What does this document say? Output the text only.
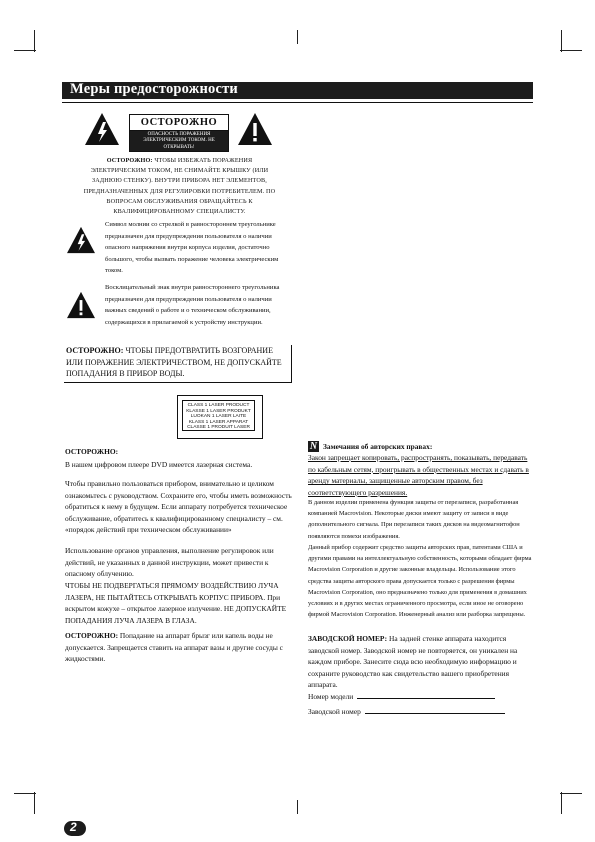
Меры предосторожности
ОСТОРОЖНО
ОПАСНОСТЬ ПОРАЖЕНИЯ ЭЛЕКТРИЧЕСКИМ ТОКОМ. НЕ ОТКРЫВАТЬ!
ОСТОРОЖНО: ЧТОБЫ ИЗБЕЖАТЬ ПОРАЖЕНИЯ ЭЛЕКТРИЧЕСКИМ ТОКОМ, НЕ СНИМАЙТЕ КРЫШКУ (ИЛИ ЗАДНЮЮ СТЕНКУ). ВНУТРИ ПРИБОРА НЕТ ЭЛЕМЕНТОВ, ПРЕДНАЗНАЧЕННЫХ ДЛЯ РЕГУЛИРОВКИ ПОТРЕБИТЕЛЕМ. ПО ВОПРОСАМ ОБСЛУЖИВАНИЯ ОБРАЩАЙТЕСЬ К КВАЛИФИЦИРОВАННОМУ СПЕЦИАЛИСТУ.
Символ молнии со стрелкой в равностороннем треугольнике предназначен для предупреждения пользователя о наличии опасного напряжения внутри корпуса изделия, достаточно большого, чтобы вызвать поражение человека электрическим током.
Восклицательный знак внутри равностороннего треугольника предназначен для предупреждения пользователя о наличии важных сведений о работе и о техническом обслуживании, содержащихся в прилагаемой к устройству инструкции.
ОСТОРОЖНО: ЧТОБЫ ПРЕДОТВРАТИТЬ ВОЗГОРАНИЕ ИЛИ ПОРАЖЕНИЕ ЭЛЕКТРИЧЕСТВОМ, НЕ ДОПУСКАЙТЕ ПОПАДАНИЯ В ПРИБОР ВОДЫ.
CLASS 1 LASER PRODUCT
KLASSE 1 LASER PRODUKT
LUOKAN 1 LASER LAITE
KLASS 1 LASER APPARAT
CLASSE 1 PRODUIT LASER
ОСТОРОЖНО:
В нашем цифровом плеере DVD имеется лазерная система.
Чтобы правильно пользоваться прибором, внимательно и целиком ознакомьтесь с руководством. Сохраните его, чтобы иметь возможность обратиться к нему в будущем. Если аппарату потребуется техническое обслуживание, обратитесь к квалифицированному специалисту – см. «порядок действий при техническом обслуживании»
Использование органов управления, выполнение регулировок или действий, не указанных в данной инструкции, может привести к опасному облучению.
ЧТОБЫ НЕ ПОДВЕРГАТЬСЯ ПРЯМОМУ ВОЗДЕЙСТВИЮ ЛУЧА ЛАЗЕРА, НЕ ПЫТАЙТЕСЬ ОТКРЫВАТЬ КОРПУС ПРИБОРА. При вскрытом кожухе – открытое лазерное излучение. НЕ ДОПУСКАЙТЕ ПОПАДАНИЯ ЛУЧА ЛАЗЕРА В ГЛАЗА.
ОСТОРОЖНО: Попадание на аппарат брызг или капель воды не допускается. Запрещается ставить на аппарат вазы и другие сосуды с жидкостями.
N Замечания об авторских правах:
Закон запрещает копировать, распространять, показывать, передавать по кабельным сетям, проигрывать в общественных местах и сдавать в аренду материалы, защищенные авторским правом, без соответствующего разрешения.
В данном изделии применена функция защиты от перезаписи, разработанная компанией Macrovision. Некоторые диски имеют защиту от записи в виде дополнительного сигнала. При перезаписи таких дисков на видеомагнитофон появляются помехи изображения.
Данный прибор содержит средство защиты авторских прав, патентами США и другими правами на интеллектуальную собственность, которыми обладает фирма Macrovision Corporation и другие законные владельцы. Использование этого средства защиты авторского права допускается только с разрешения фирмы Macrovision Corporation, оно предназначено только для применения в домашних условиях и в других местах ограниченного просмотра, если иное не оговорено фирмой Macrovision Corporation. Инженерный анализ или разборка запрещены.
ЗАВОДСКОЙ НОМЕР: На задней стенке аппарата находится заводской номер. Заводской номер не повторяется, он уникален на каждом приборе. Занесите сюда всю необходимую информацию и сохраните руководство как свидетельство вашего приобретения аппарата.
Номер модели
Заводской номер
2
